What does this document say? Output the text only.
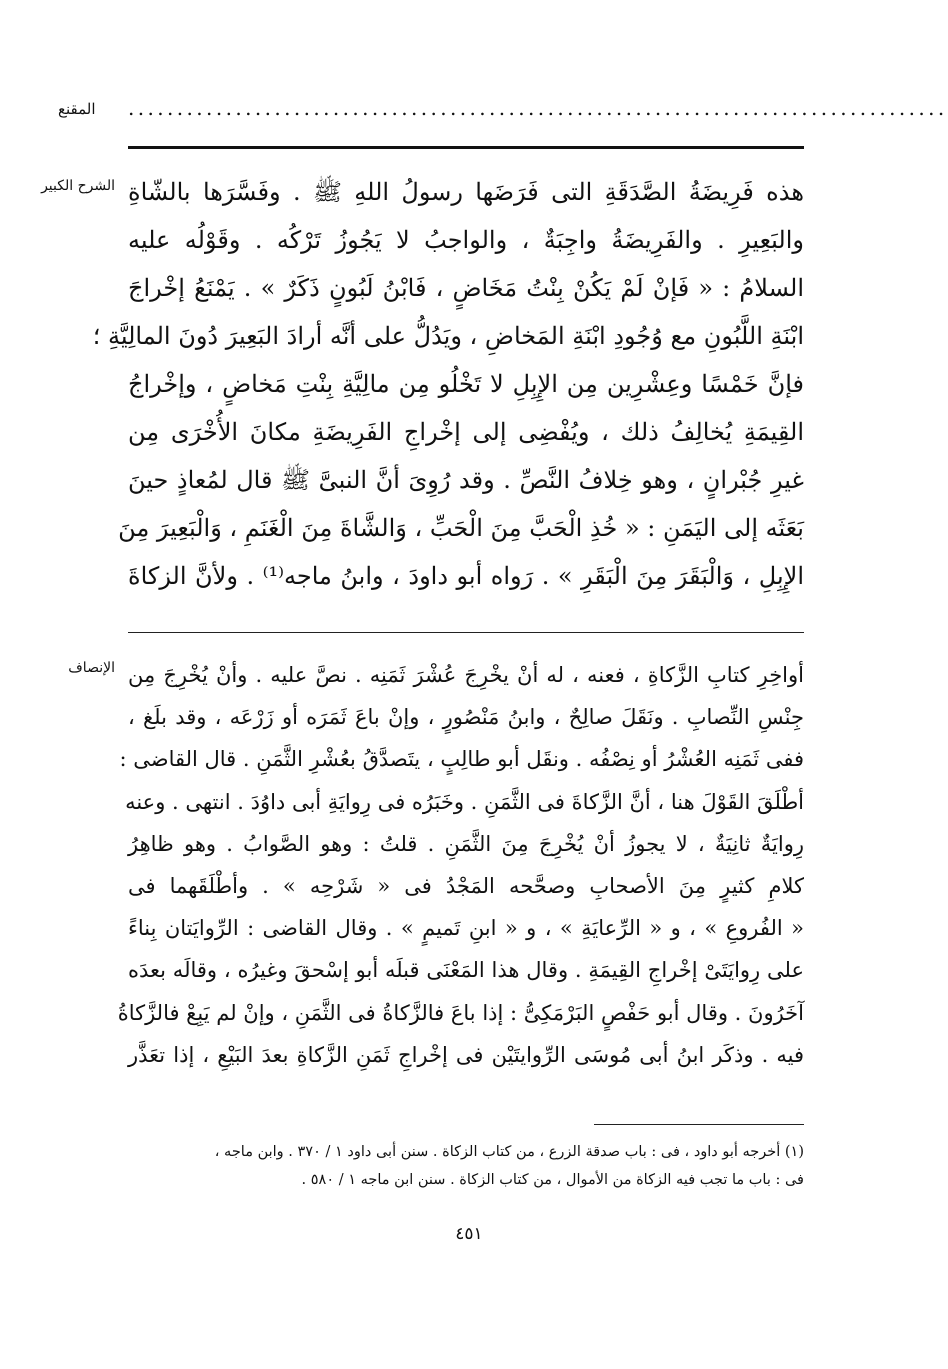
المقنع ....................................................................................
الشرح الكبير هذه فَرِيضَةُ الصَّدَقَةِ التى فَرَضَها رسولُ اللهِ ﷺ . وفَسَّرَها بالشّاةِ
والبَعِيرِ . والفَرِيضَةُ واجِبَةٌ ، والواجبُ لا يَجُوزُ تَرْكُه . وقَوْلُه عليه
السلامُ : « فَإنْ لَمْ يَكُنْ بِنْتُ مَخَاضٍ ، فَابْنُ لَبُونٍ ذَكَرٌ » . يَمْنَعُ إخْراجَ
ابْنَةِ اللَّبُونِ مع وُجُودِ ابْنَةِ المَخاضِ ، ويَدُلُّ على أنَّه أرادَ البَعِيرَ دُونَ المالِيَّةِ ؛
فإنَّ خَمْسًا وعِشْرِين مِن الإِبِلِ لا تَخْلُو مِن مالِيَّةِ بِنْتِ مَخاضٍ ، وإخْراجُ
القِيمَةِ يُخالِفُ ذلك ، ويُفْضِى إلى إخْراجِ الفَرِيضَةِ مكانَ الأُخْرَى مِن
غيرِ جُبْرانٍ ، وهو خِلافُ النَّصِّ . وقد رُوِىَ أنَّ النبىَّ ﷺ قال لمُعاذٍ حينَ
بَعَثَه إلى اليَمَنِ : « خُذِ الْحَبَّ مِنَ الْحَبِّ ، وَالشَّاةَ مِنَ الْغَنَمِ ، وَالْبَعِيرَ مِنَ
الإِبِلِ ، وَالْبَقَرَ مِنَ الْبَقَرِ » . رَواه أبو داودَ ، وابنُ ماجه⁽¹⁾ . ولأنَّ الزكاةَ
الإنصاف أواخِرِ كتابِ الزَّكاةِ ، فعنه ، له أنْ يخْرِجَ عُشْرَ ثَمَنِه . نصَّ عليه . وأنْ يُخْرِجَ مِن
جِنْسِ النِّصابِ . ونَقَلَ صالِحٌ ، وابنُ مَنْصُورٍ ، وإنْ باعَ ثَمَرَه أو زَرْعَه ، وقد بلَغ ،
ففى ثَمَنِه العُشْرُ أو نِصْفُه . ونقَل أبو طالِبٍ ، يتَصدَّقُ بعُشْرِ الثَّمَنِ . قال القاضى :
أطْلَقَ القَوْلَ هنا ، أنَّ الزَّكاةَ فى الثَّمَنِ . وخَبَرُه فى رِوايَةِ أبى داوُدَ . انتهى . وعنه
رِوايَةٌ ثانِيَةٌ ، لا يجوزُ أنْ يُخْرِجَ مِنَ الثَّمَنِ . قلتُ : وهو الصَّوابُ . وهو ظاهِرُ
كلامِ كثيرٍ مِنَ الأصحابِ وصحَّحه المَجْدُ فى « شَرْحِه » . وأطْلَقَهما فى
« الفُروعِ » ، و « الرِّعايَةِ » ، و « ابنِ تَميمٍ » . وقال القاضى : الرِّوايَتان بِناءً
على رِوايَتَىْ إخْراجِ القِيمَةِ . وقال هذا المَعْنَى قبلَه أبو إسْحقَ وغيرُه ، وقالَه بعدَه
آخَرُونَ . وقال أبو حَفْصٍ البَرْمَكِىُّ : إذا باعَ فالزَّكاةُ فى الثَّمَنِ ، وإنْ لم يَبِعْ فالزَّكاةُ
فيه . وذكَر ابنُ أبى مُوسَى الرِّوايتَيْن فى إخْراجِ ثَمَنِ الزَّكاةِ بعدَ البَيْعِ ، إذا تعَذَّر
(١) أخرجه أبو داود ، فى : باب صدقة الزرع ، من كتاب الزكاة . سنن أبى داود ١ / ٣٧٠ . وابن ماجه ،
فى : باب ما تجب فيه الزكاة من الأموال ، من كتاب الزكاة . سنن ابن ماجه ١ / ٥٨٠ .
٤٥١
